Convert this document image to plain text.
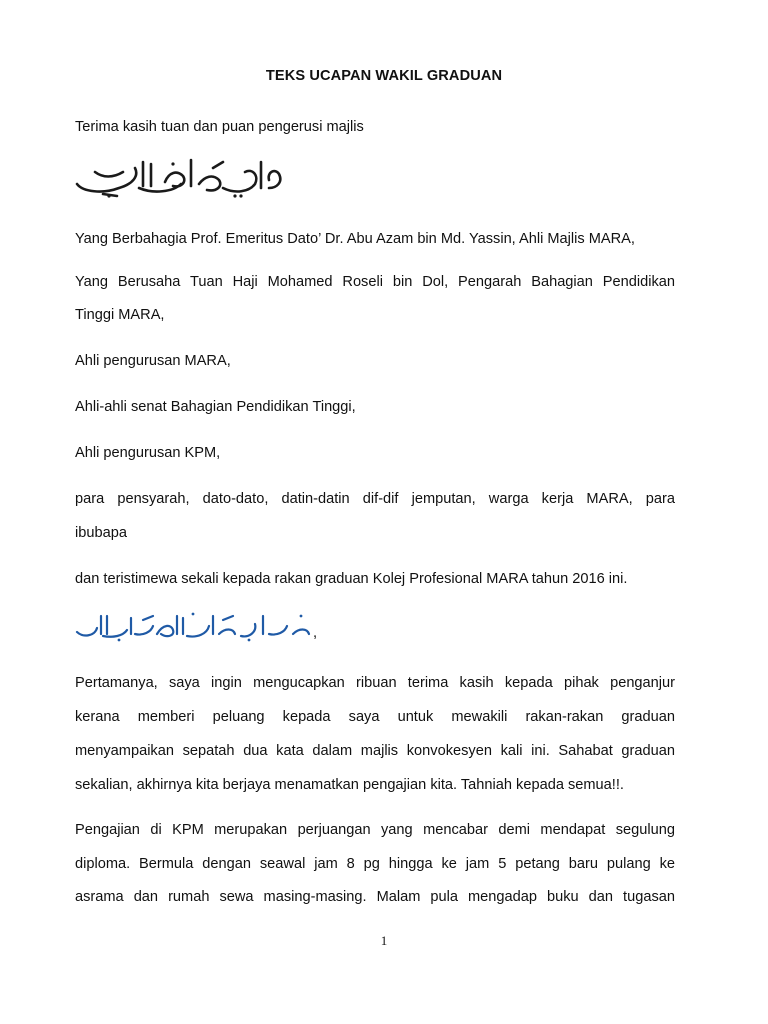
TEKS UCAPAN WAKIL GRADUAN
Terima kasih tuan dan puan pengerusi majlis
Yang Berbahagia Prof. Emeritus Dato’ Dr. Abu Azam bin Md. Yassin, Ahli Majlis MARA,
Yang Berusaha Tuan Haji Mohamed Roseli bin Dol, Pengarah Bahagian Pendidikan
Tinggi MARA,
Ahli pengurusan MARA,
Ahli-ahli senat Bahagian Pendidikan Tinggi,
Ahli pengurusan KPM,
para pensyarah, dato-dato, datin-datin dif-dif jemputan, warga kerja MARA, para
ibubapa
dan teristimewa sekali kepada rakan graduan Kolej Profesional MARA tahun 2016 ini.
,
Pertamanya, saya ingin mengucapkan ribuan terima kasih kepada pihak penganjur
kerana memberi peluang kepada saya untuk mewakili rakan-rakan graduan
menyampaikan sepatah dua kata dalam majlis konvokesyen kali ini. Sahabat graduan
sekalian, akhirnya kita berjaya menamatkan pengajian kita. Tahniah kepada semua!!.
Pengajian di KPM merupakan perjuangan yang mencabar demi mendapat segulung
diploma. Bermula dengan seawal jam 8 pg hingga ke jam 5 petang baru pulang ke
asrama dan rumah sewa masing-masing. Malam pula mengadap buku dan tugasan
1
